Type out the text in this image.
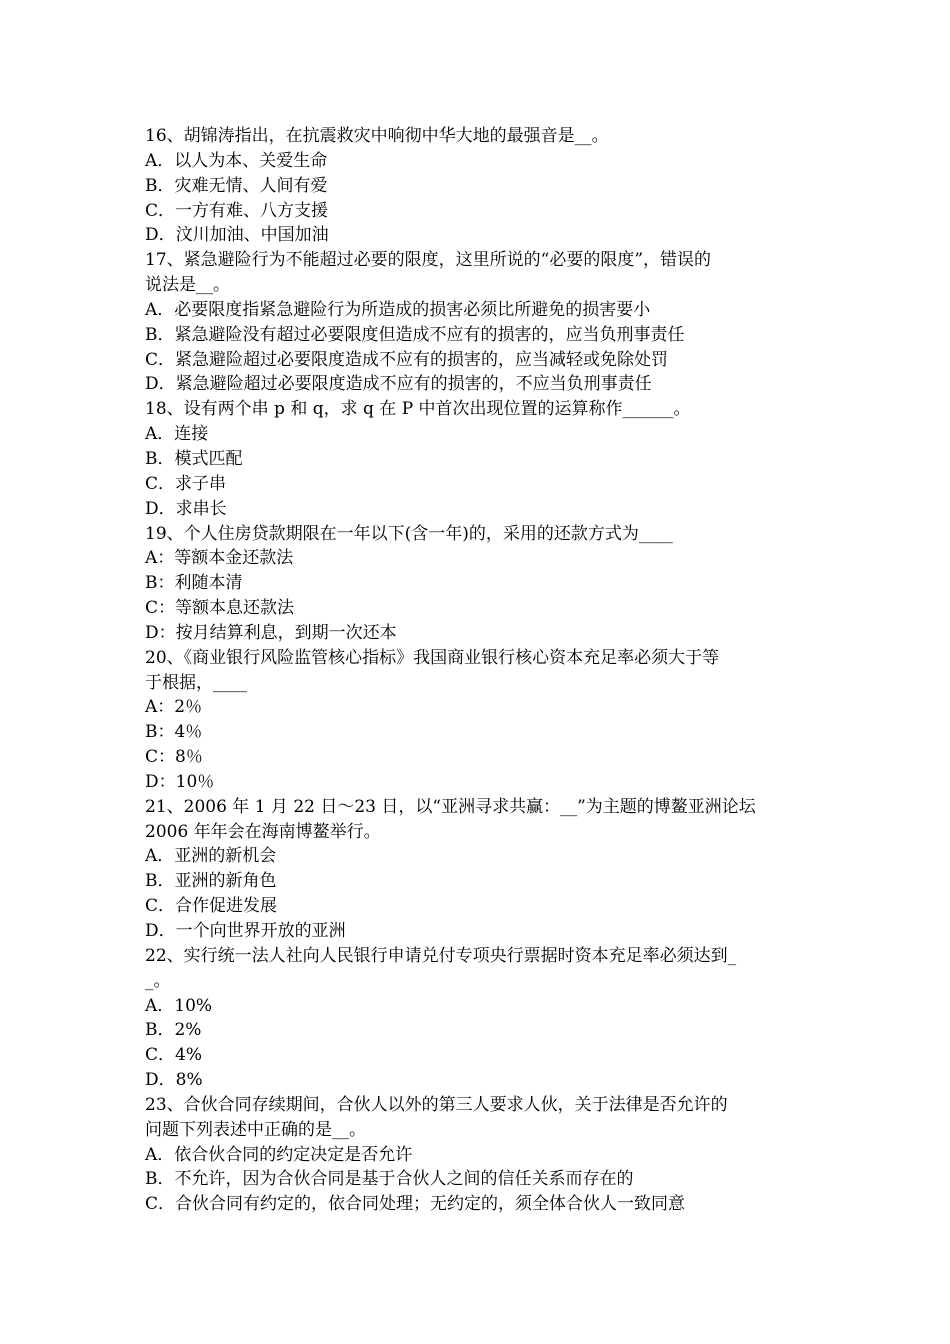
16、胡锦涛指出，在抗震救灾中响彻中华大地的最强音是__。
A．以人为本、关爱生命
B．灾难无情、人间有爱
C．一方有难、八方支援
D．汶川加油、中国加油
17、紧急避险行为不能超过必要的限度，这里所说的“必要的限度”，错误的
说法是__。
A．必要限度指紧急避险行为所造成的损害必须比所避免的损害要小
B．紧急避险没有超过必要限度但造成不应有的损害的，应当负刑事责任
C．紧急避险超过必要限度造成不应有的损害的，应当减轻或免除处罚
D．紧急避险超过必要限度造成不应有的损害的，不应当负刑事责任
18、设有两个串 p 和 q，求 q 在 P 中首次出现位置的运算称作______。
A．连接
B．模式匹配
C．求子串
D．求串长
19、个人住房贷款期限在一年以下(含一年)的，采用的还款方式为____
A：等额本金还款法
B：利随本清
C：等额本息还款法
D：按月结算利息，到期一次还本
20、《商业银行风险监管核心指标》我国商业银行核心资本充足率必须大于等
于根据，____
A：2％
B：4％
C：8％
D：10％
21、2006 年 1 月 22 日～23 日，以“亚洲寻求共赢：__”为主题的博鳌亚洲论坛
2006 年年会在海南博鳌举行。
A．亚洲的新机会
B．亚洲的新角色
C．合作促进发展
D．一个向世界开放的亚洲
22、实行统一法人社向人民银行申请兑付专项央行票据时资本充足率必须达到_
_。
A．10%
B．2%
C．4%
D．8%
23、合伙合同存续期间，合伙人以外的第三人要求人伙，关于法律是否允许的
问题下列表述中正确的是__。
A．依合伙合同的约定决定是否允许
B．不允许，因为合伙合同是基于合伙人之间的信任关系而存在的
C．合伙合同有约定的，依合同处理；无约定的，须全体合伙人一致同意
